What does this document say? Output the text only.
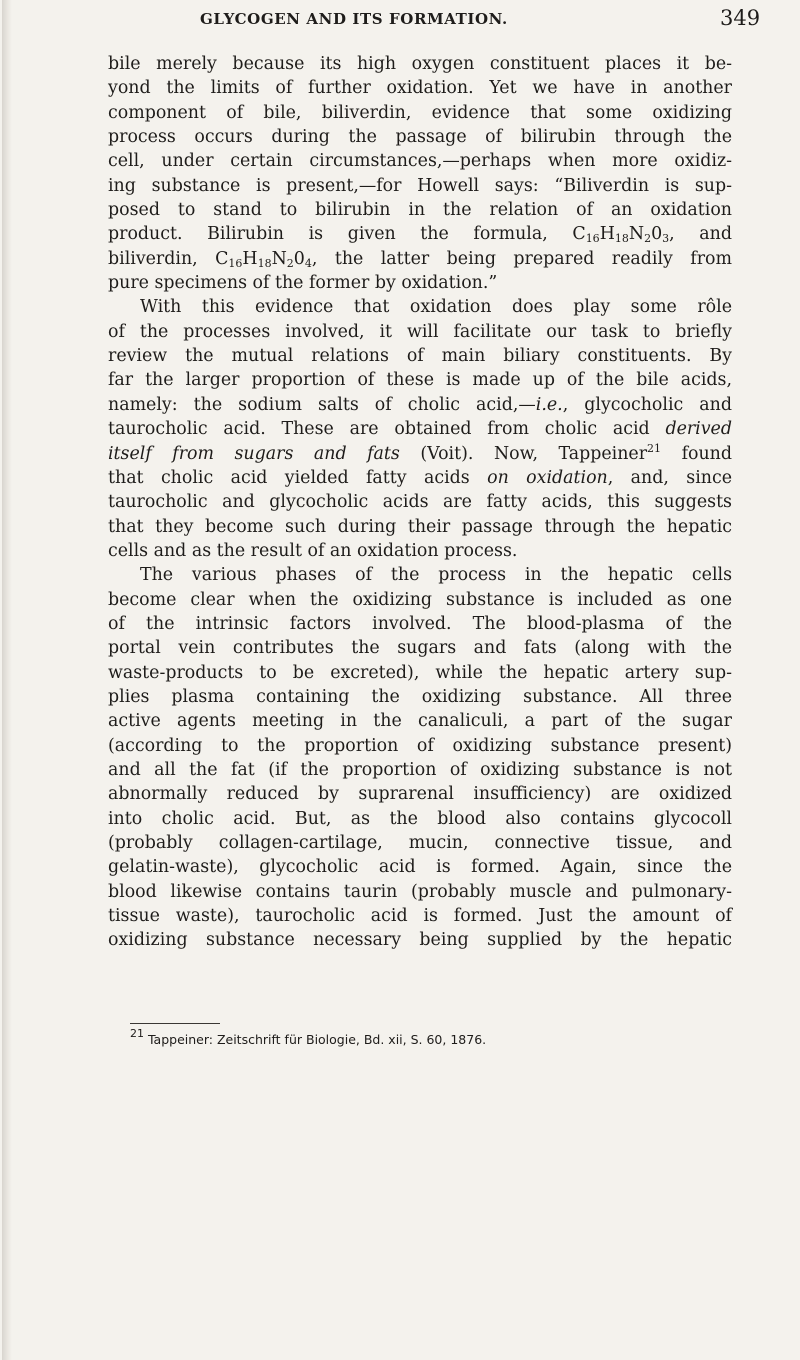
GLYCOGEN AND ITS FORMATION.	349
bile merely because its high oxygen constituent places it be-
yond the limits of further oxidation. Yet we have in another
component of bile, biliverdin, evidence that some oxidizing
process occurs during the passage of bilirubin through the
cell, under certain circumstances,—perhaps when more oxidiz-
ing substance is present,—for Howell says: “Biliverdin is sup-
posed to stand to bilirubin in the relation of an oxidation
product. Bilirubin is given the formula, $C_{16}H_{18}N_20_3$, and
biliverdin, $C_{16}H_{18}N_20_4$, the latter being prepared readily from
pure specimens of the former by oxidation.”
With this evidence that oxidation does play some rôle
of the processes involved, it will facilitate our task to briefly
review the mutual relations of main biliary constituents. By
far the larger proportion of these is made up of the bile acids,
namely: the sodium salts of cholic acid,—i.e., glycocholic and
taurocholic acid. These are obtained from cholic acid derived
itself from sugars and fats (Voit). Now, Tappeiner$^{21}$ found
that cholic acid yielded fatty acids on oxidation, and, since
taurocholic and glycocholic acids are fatty acids, this suggests
that they become such during their passage through the hepatic
cells and as the result of an oxidation process.
The various phases of the process in the hepatic cells
become clear when the oxidizing substance is included as one
of the intrinsic factors involved. The blood-plasma of the
portal vein contributes the sugars and fats (along with the
waste-products to be excreted), while the hepatic artery sup-
plies plasma containing the oxidizing substance. All three
active agents meeting in the canaliculi, a part of the sugar
(according to the proportion of oxidizing substance present)
and all the fat (if the proportion of oxidizing substance is not
abnormally reduced by suprarenal insufficiency) are oxidized
into cholic acid. But, as the blood also contains glycocoll
(probably collagen-cartilage, mucin, connective tissue, and
gelatin-waste), glycocholic acid is formed. Again, since the
blood likewise contains taurin (probably muscle and pulmonary-
tissue waste), taurocholic acid is formed. Just the amount of
oxidizing substance necessary being supplied by the hepatic
$^{21}$ Tappeiner: Zeitschrift für Biologie, Bd. xii, S. 60, 1876.
